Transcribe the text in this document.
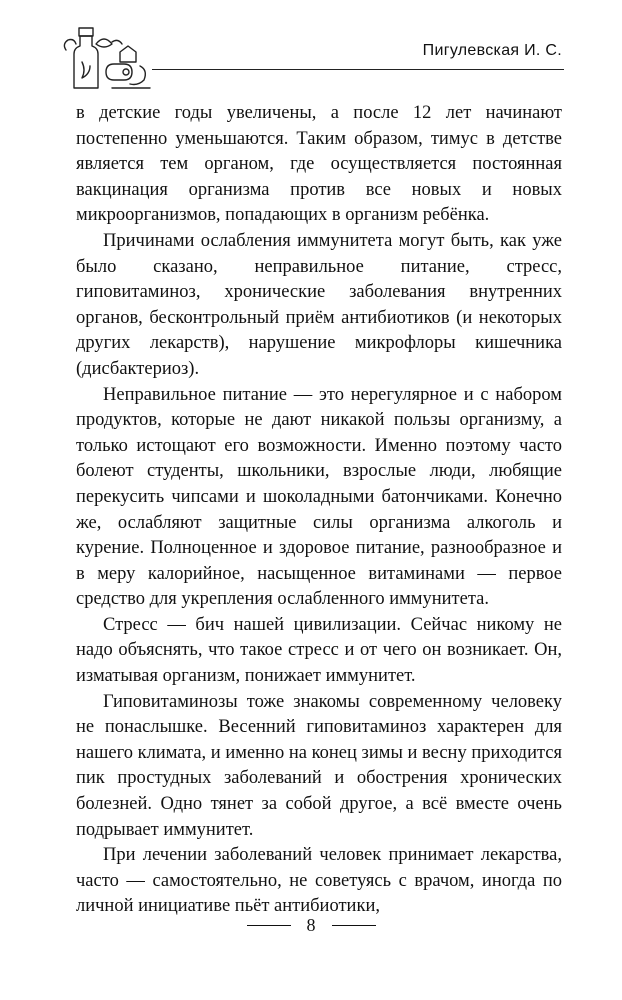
Пигулевская И. С.

в детские годы увеличены, а после 12 лет начинают постепенно уменьшаются. Таким образом, тимус в детстве является тем органом, где осуществляется постоянная вакцинация организма против все новых и новых микроорганизмов, попадающих в организм ребёнка.

Причинами ослабления иммунитета могут быть, как уже было сказано, неправильное питание, стресс, гиповитаминоз, хронические заболевания внутренних органов, бесконтрольный приём антибиотиков (и некоторых других лекарств), нарушение микрофлоры кишечника (дисбактериоз).

Неправильное питание — это нерегулярное и с набором продуктов, которые не дают никакой пользы организму, а только истощают его возможности. Именно поэтому часто болеют студенты, школьники, взрослые люди, любящие перекусить чипсами и шоколадными батончиками. Конечно же, ослабляют защитные силы организма алкоголь и курение. Полноценное и здоровое питание, разнообразное и в меру калорийное, насыщенное витаминами — первое средство для укрепления ослабленного иммунитета.

Стресс — бич нашей цивилизации. Сейчас никому не надо объяснять, что такое стресс и от чего он возникает. Он, изматывая организм, понижает иммунитет.

Гиповитаминозы тоже знакомы современному человеку не понаслышке. Весенний гиповитаминоз характерен для нашего климата, и именно на конец зимы и весну приходится пик простудных заболеваний и обострения хронических болезней. Одно тянет за собой другое, а всё вместе очень подрывает иммунитет.

При лечении заболеваний человек принимает лекарства, часто — самостоятельно, не советуясь с врачом, иногда по личной инициативе пьёт антибиотики,

8
